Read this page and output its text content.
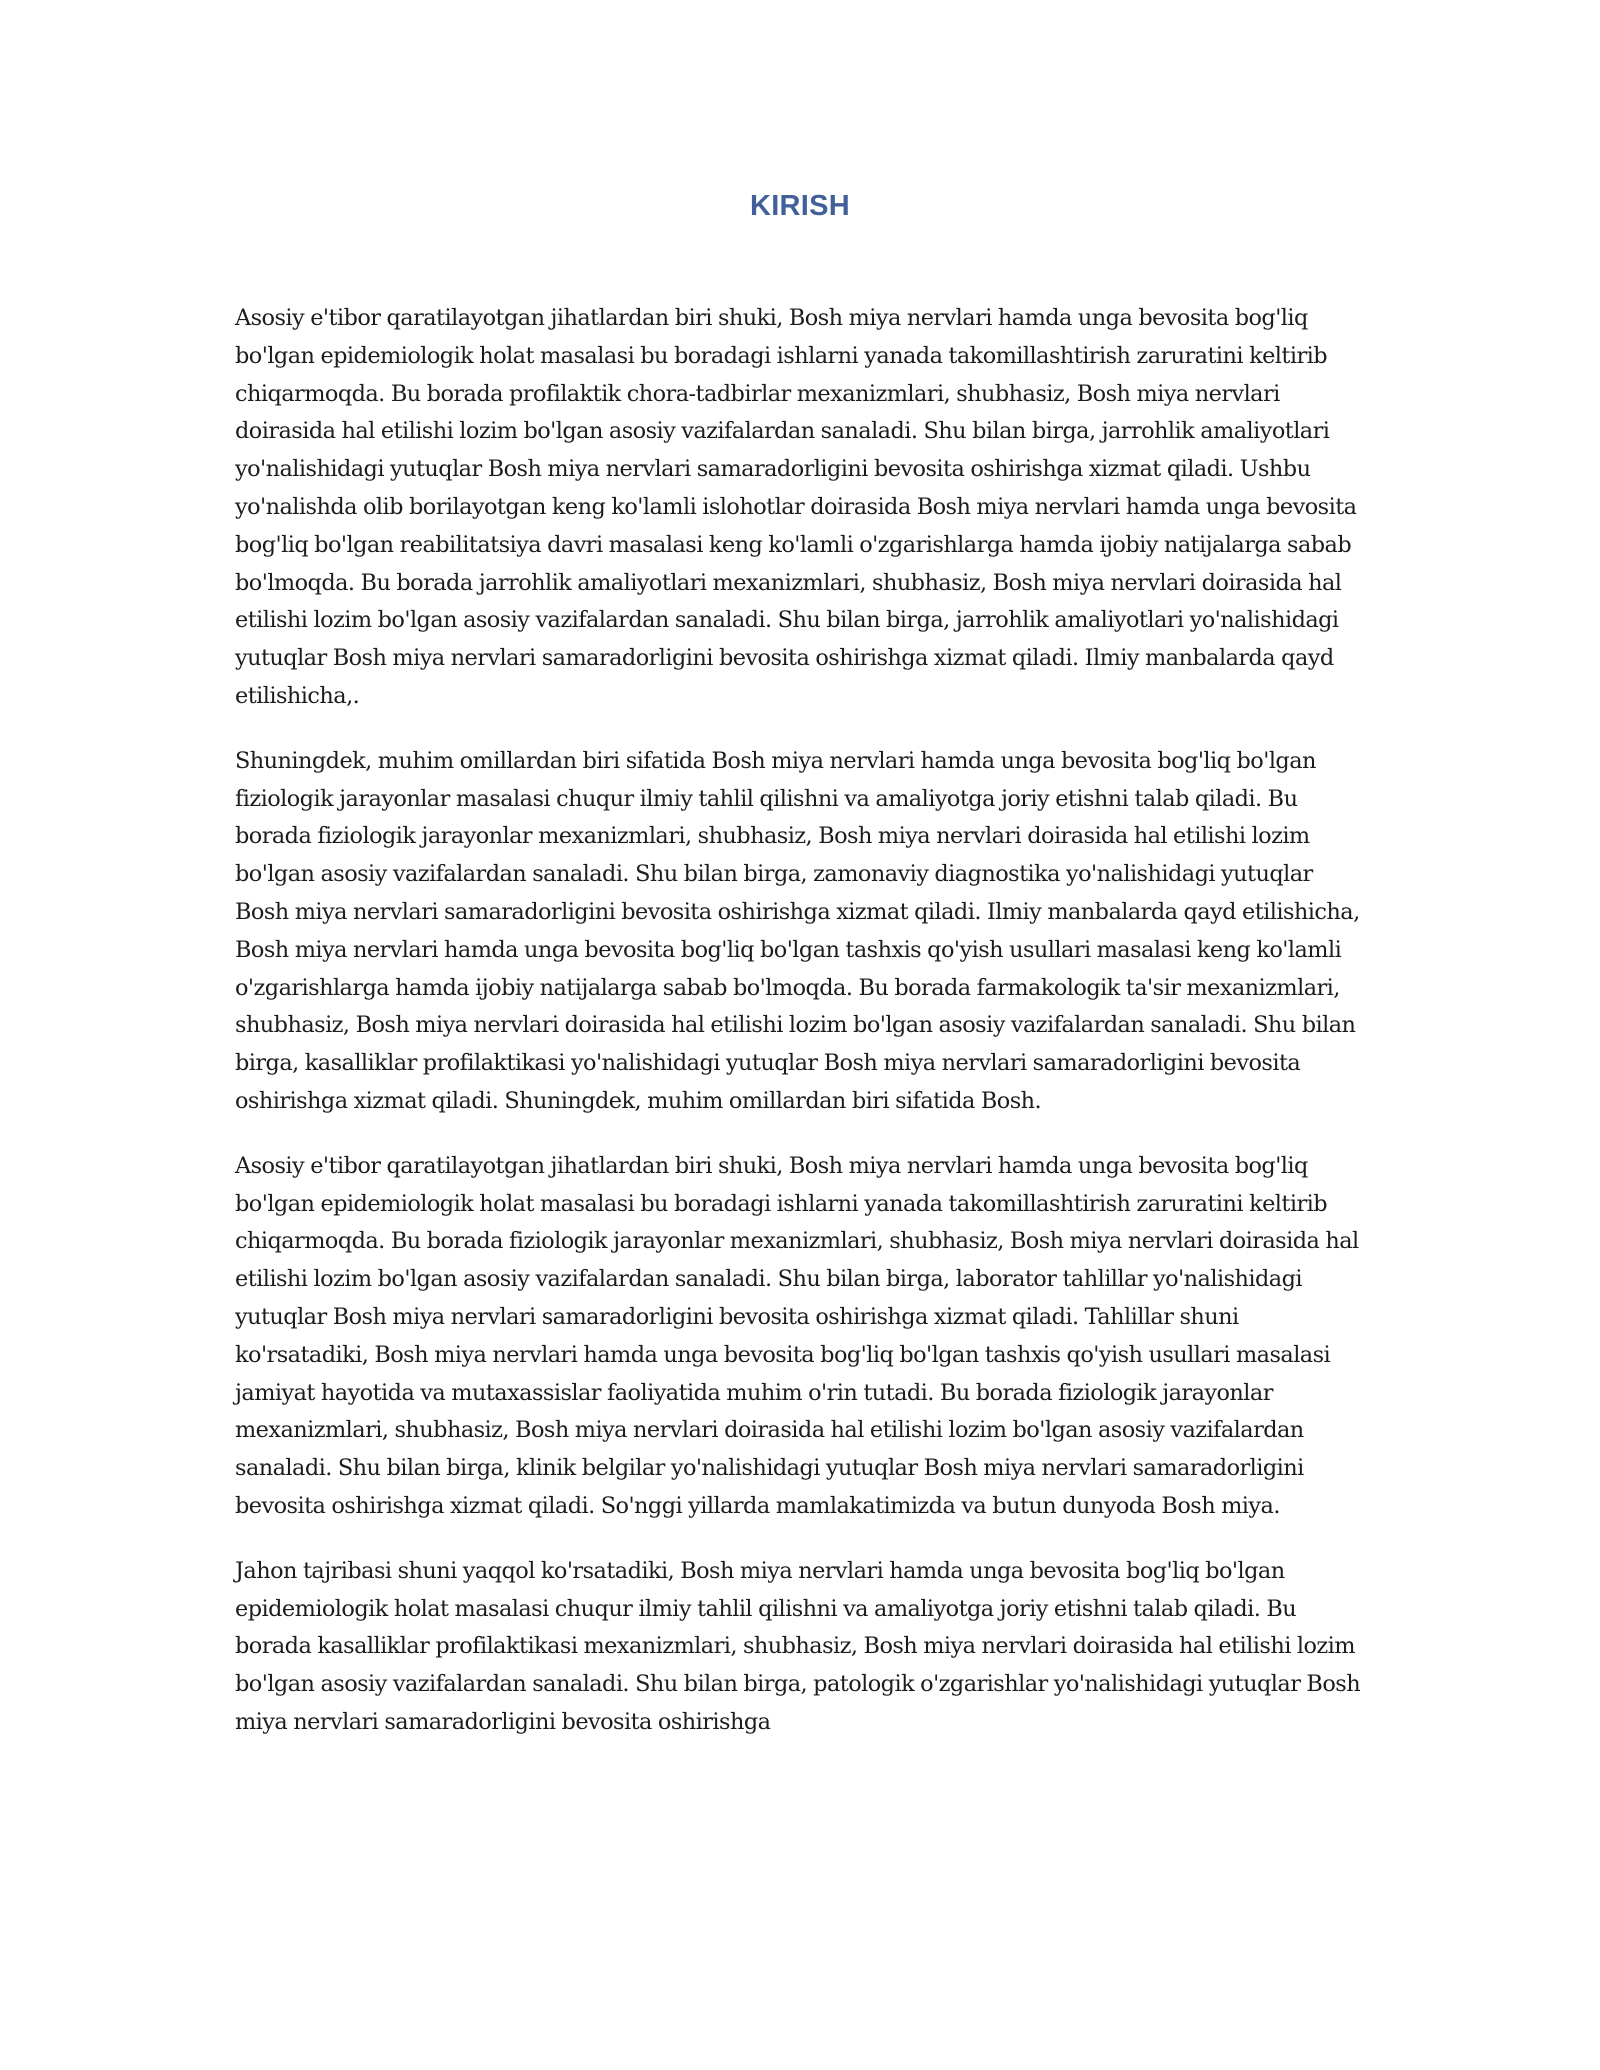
KIRISH

Asosiy e'tibor qaratilayotgan jihatlardan biri shuki, Bosh miya nervlari hamda unga bevosita bog'liq bo'lgan epidemiologik holat masalasi bu boradagi ishlarni yanada takomillashtirish zaruratini keltirib chiqarmoqda. Bu borada profilaktik chora-tadbirlar mexanizmlari, shubhasiz, Bosh miya nervlari doirasida hal etilishi lozim bo'lgan asosiy vazifalardan sanaladi. Shu bilan birga, jarrohlik amaliyotlari yo'nalishidagi yutuqlar Bosh miya nervlari samaradorligini bevosita oshirishga xizmat qiladi. Ushbu yo'nalishda olib borilayotgan keng ko'lamli islohotlar doirasida Bosh miya nervlari hamda unga bevosita bog'liq bo'lgan reabilitatsiya davri masalasi keng ko'lamli o'zgarishlarga hamda ijobiy natijalarga sabab bo'lmoqda. Bu borada jarrohlik amaliyotlari mexanizmlari, shubhasiz, Bosh miya nervlari doirasida hal etilishi lozim bo'lgan asosiy vazifalardan sanaladi. Shu bilan birga, jarrohlik amaliyotlari yo'nalishidagi yutuqlar Bosh miya nervlari samaradorligini bevosita oshirishga xizmat qiladi. Ilmiy manbalarda qayd etilishicha,.

Shuningdek, muhim omillardan biri sifatida Bosh miya nervlari hamda unga bevosita bog'liq bo'lgan fiziologik jarayonlar masalasi chuqur ilmiy tahlil qilishni va amaliyotga joriy etishni talab qiladi. Bu borada fiziologik jarayonlar mexanizmlari, shubhasiz, Bosh miya nervlari doirasida hal etilishi lozim bo'lgan asosiy vazifalardan sanaladi. Shu bilan birga, zamonaviy diagnostika yo'nalishidagi yutuqlar Bosh miya nervlari samaradorligini bevosita oshirishga xizmat qiladi. Ilmiy manbalarda qayd etilishicha, Bosh miya nervlari hamda unga bevosita bog'liq bo'lgan tashxis qo'yish usullari masalasi keng ko'lamli o'zgarishlarga hamda ijobiy natijalarga sabab bo'lmoqda. Bu borada farmakologik ta'sir mexanizmlari, shubhasiz, Bosh miya nervlari doirasida hal etilishi lozim bo'lgan asosiy vazifalardan sanaladi. Shu bilan birga, kasalliklar profilaktikasi yo'nalishidagi yutuqlar Bosh miya nervlari samaradorligini bevosita oshirishga xizmat qiladi. Shuningdek, muhim omillardan biri sifatida Bosh.

Asosiy e'tibor qaratilayotgan jihatlardan biri shuki, Bosh miya nervlari hamda unga bevosita bog'liq bo'lgan epidemiologik holat masalasi bu boradagi ishlarni yanada takomillashtirish zaruratini keltirib chiqarmoqda. Bu borada fiziologik jarayonlar mexanizmlari, shubhasiz, Bosh miya nervlari doirasida hal etilishi lozim bo'lgan asosiy vazifalardan sanaladi. Shu bilan birga, laborator tahlillar yo'nalishidagi yutuqlar Bosh miya nervlari samaradorligini bevosita oshirishga xizmat qiladi. Tahlillar shuni ko'rsatadiki, Bosh miya nervlari hamda unga bevosita bog'liq bo'lgan tashxis qo'yish usullari masalasi jamiyat hayotida va mutaxassislar faoliyatida muhim o'rin tutadi. Bu borada fiziologik jarayonlar mexanizmlari, shubhasiz, Bosh miya nervlari doirasida hal etilishi lozim bo'lgan asosiy vazifalardan sanaladi. Shu bilan birga, klinik belgilar yo'nalishidagi yutuqlar Bosh miya nervlari samaradorligini bevosita oshirishga xizmat qiladi. So'nggi yillarda mamlakatimizda va butun dunyoda Bosh miya.

Jahon tajribasi shuni yaqqol ko'rsatadiki, Bosh miya nervlari hamda unga bevosita bog'liq bo'lgan epidemiologik holat masalasi chuqur ilmiy tahlil qilishni va amaliyotga joriy etishni talab qiladi. Bu borada kasalliklar profilaktikasi mexanizmlari, shubhasiz, Bosh miya nervlari doirasida hal etilishi lozim bo'lgan asosiy vazifalardan sanaladi. Shu bilan birga, patologik o'zgarishlar yo'nalishidagi yutuqlar Bosh miya nervlari samaradorligini bevosita oshirishga
